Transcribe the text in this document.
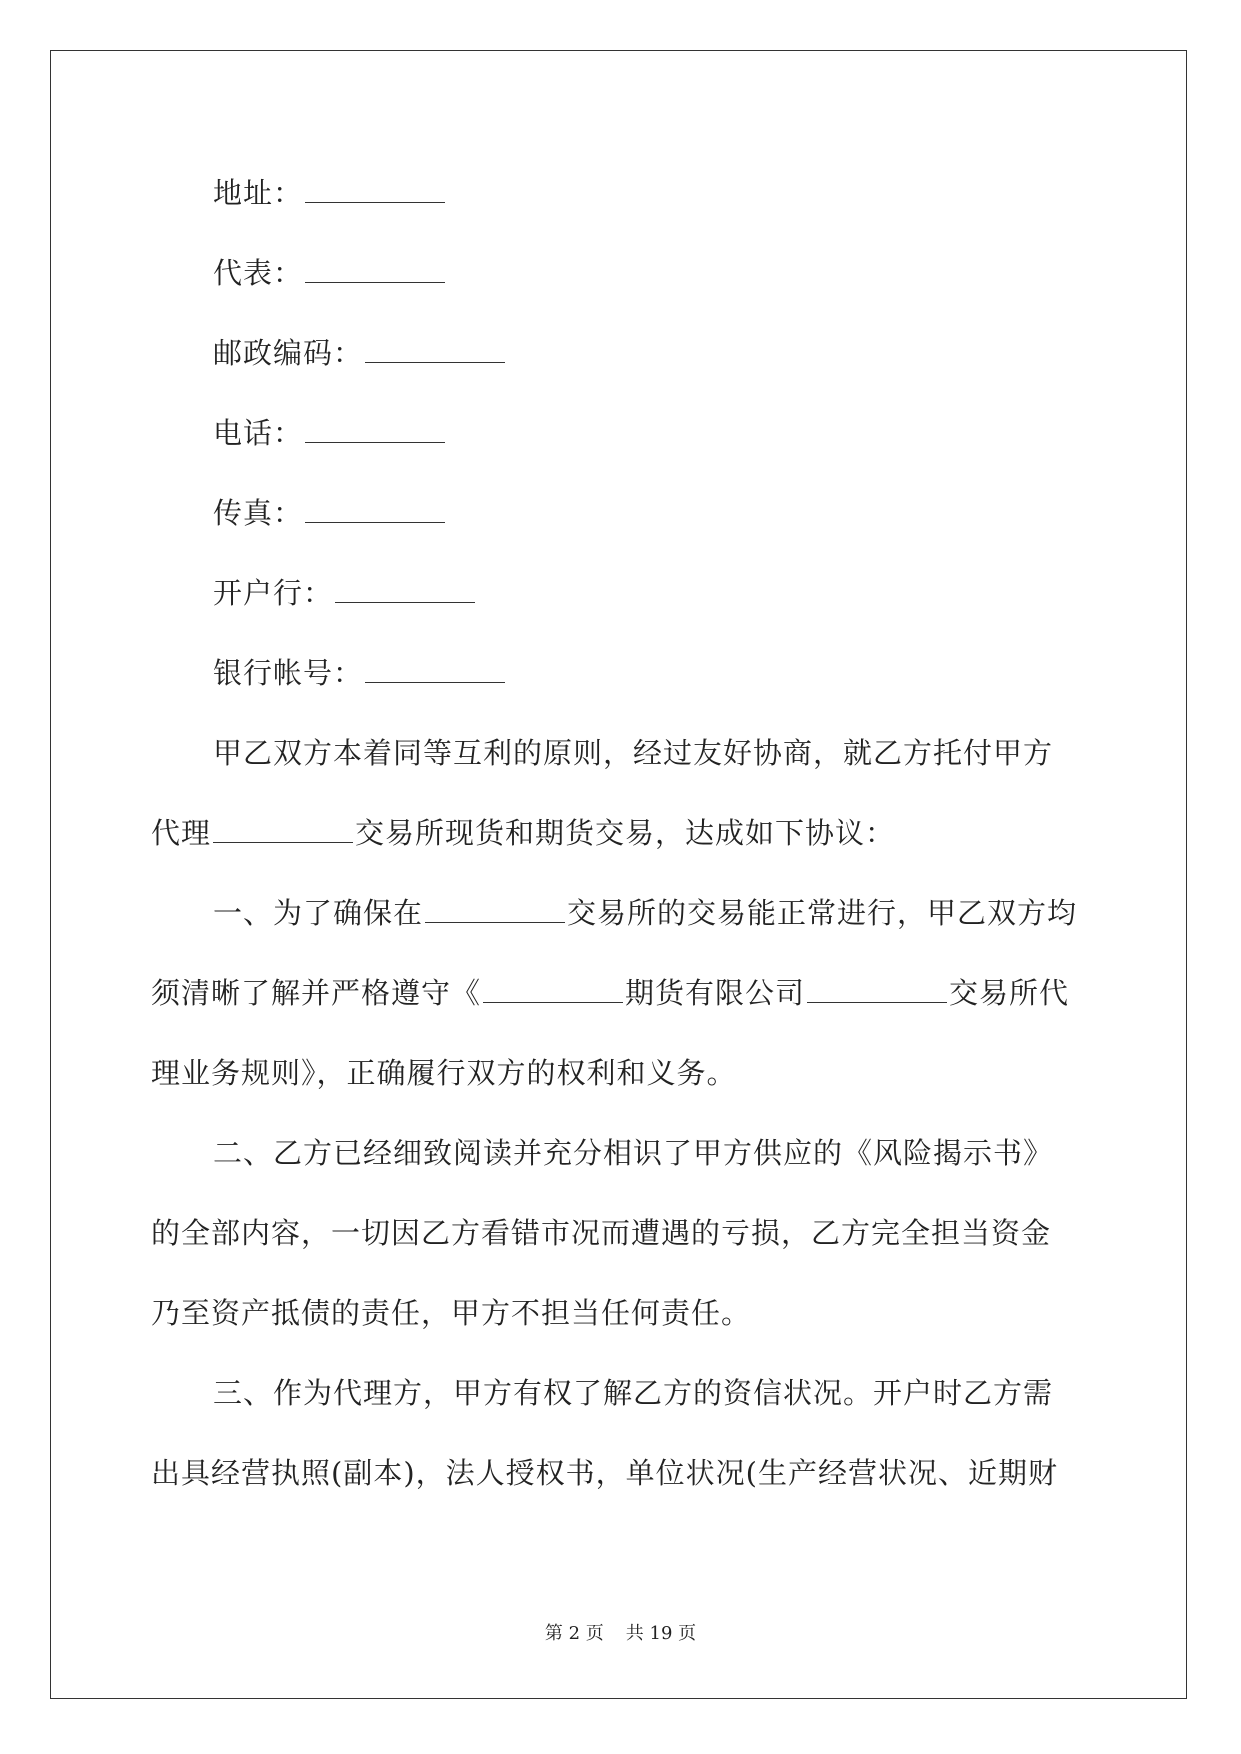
地址：
代表：
邮政编码：
电话：
传真：
开户行：
银行帐号：
甲乙双方本着同等互利的原则，经过友好协商，就乙方托付甲方
代理	交易所现货和期货交易，达成如下协议：
一、为了确保在	交易所的交易能正常进行，甲乙双方均
须清晰了解并严格遵守《	期货有限公司	交易所代
理业务规则》，正确履行双方的权利和义务。
二、乙方已经细致阅读并充分相识了甲方供应的《风险揭示书》
的全部内容，一切因乙方看错市况而遭遇的亏损，乙方完全担当资金
乃至资产抵债的责任，甲方不担当任何责任。
三、作为代理方，甲方有权了解乙方的资信状况。开户时乙方需
出具经营执照(副本)，法人授权书，单位状况(生产经营状况、近期财
第 2 页 共 19 页
